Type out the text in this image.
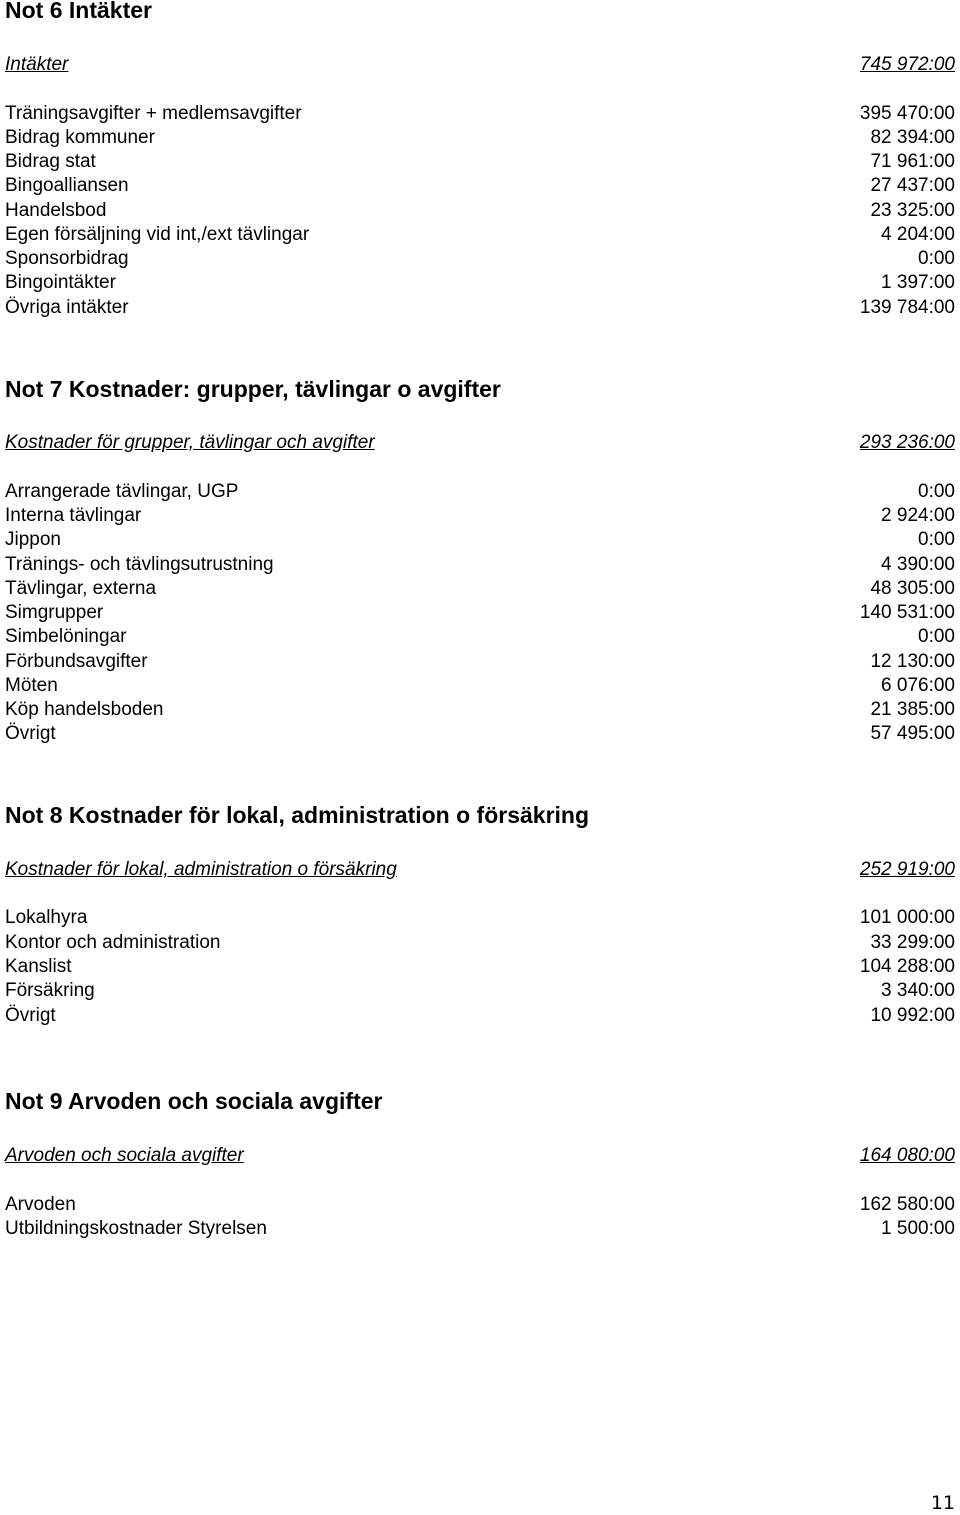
Not 6 Intäkter
Intäkter	745 972:00
Träningsavgifter + medlemsavgifter	395 470:00
Bidrag kommuner	82 394:00
Bidrag stat	71 961:00
Bingoalliansen	27 437:00
Handelsbod	23 325:00
Egen försäljning vid int,/ext tävlingar	4 204:00
Sponsorbidrag	0:00
Bingointäkter	1 397:00
Övriga intäkter	139 784:00
Not 7 Kostnader: grupper, tävlingar o avgifter
Kostnader för grupper, tävlingar och avgifter	293 236:00
Arrangerade tävlingar, UGP	0:00
Interna tävlingar	2 924:00
Jippon	0:00
Tränings- och tävlingsutrustning	4 390:00
Tävlingar, externa	48 305:00
Simgrupper	140 531:00
Simbelöningar	0:00
Förbundsavgifter	12 130:00
Möten	6 076:00
Köp handelsboden	21 385:00
Övrigt	57 495:00
Not 8 Kostnader för lokal, administration o försäkring
Kostnader för lokal, administration o försäkring	252 919:00
Lokalhyra	101 000:00
Kontor och administration	33 299:00
Kanslist	104 288:00
Försäkring	3 340:00
Övrigt	10 992:00
Not 9 Arvoden och sociala avgifter
Arvoden och sociala avgifter	164 080:00
Arvoden	162 580:00
Utbildningskostnader Styrelsen	1 500:00
11
